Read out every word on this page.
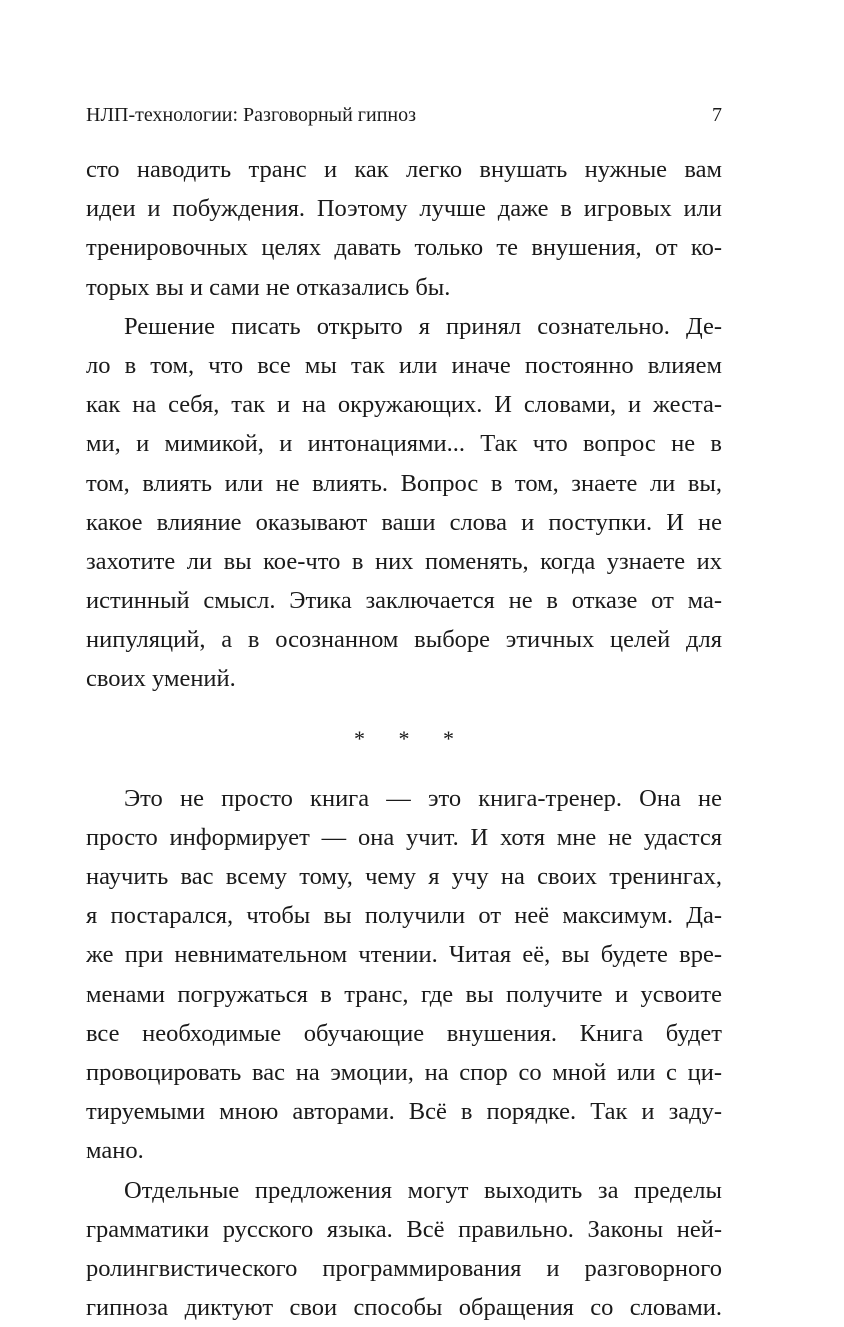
НЛП-технологии: Разговорный гипноз	7

сто наводить транс и как легко внушать нужные вам
идеи и побуждения. Поэтому лучше даже в игровых или
тренировочных целях давать только те внушения, от ко-
торых вы и сами не отказались бы.

Решение писать открыто я принял сознательно. Де-
ло в том, что все мы так или иначе постоянно влияем
как на себя, так и на окружающих. И словами, и жеста-
ми, и мимикой, и интонациями... Так что вопрос не в
том, влиять или не влиять. Вопрос в том, знаете ли вы,
какое влияние оказывают ваши слова и поступки. И не
захотите ли вы кое-что в них поменять, когда узнаете их
истинный смысл. Этика заключается не в отказе от ма-
нипуляций, а в осознанном выборе этичных целей для
своих умений.

* * *

Это не просто книга — это книга-тренер. Она не
просто информирует — она учит. И хотя мне не удастся
научить вас всему тому, чему я учу на своих тренингах,
я постарался, чтобы вы получили от неё максимум. Да-
же при невнимательном чтении. Читая её, вы будете вре-
менами погружаться в транс, где вы получите и усвоите
все необходимые обучающие внушения. Книга будет
провоцировать вас на эмоции, на спор со мной или с ци-
тируемыми мною авторами. Всё в порядке. Так и заду-
мано.

Отдельные предложения могут выходить за пределы
грамматики русского языка. Всё правильно. Законы ней-
ролингвистического программирования и разговорного
гипноза диктуют свои способы обращения со словами.
